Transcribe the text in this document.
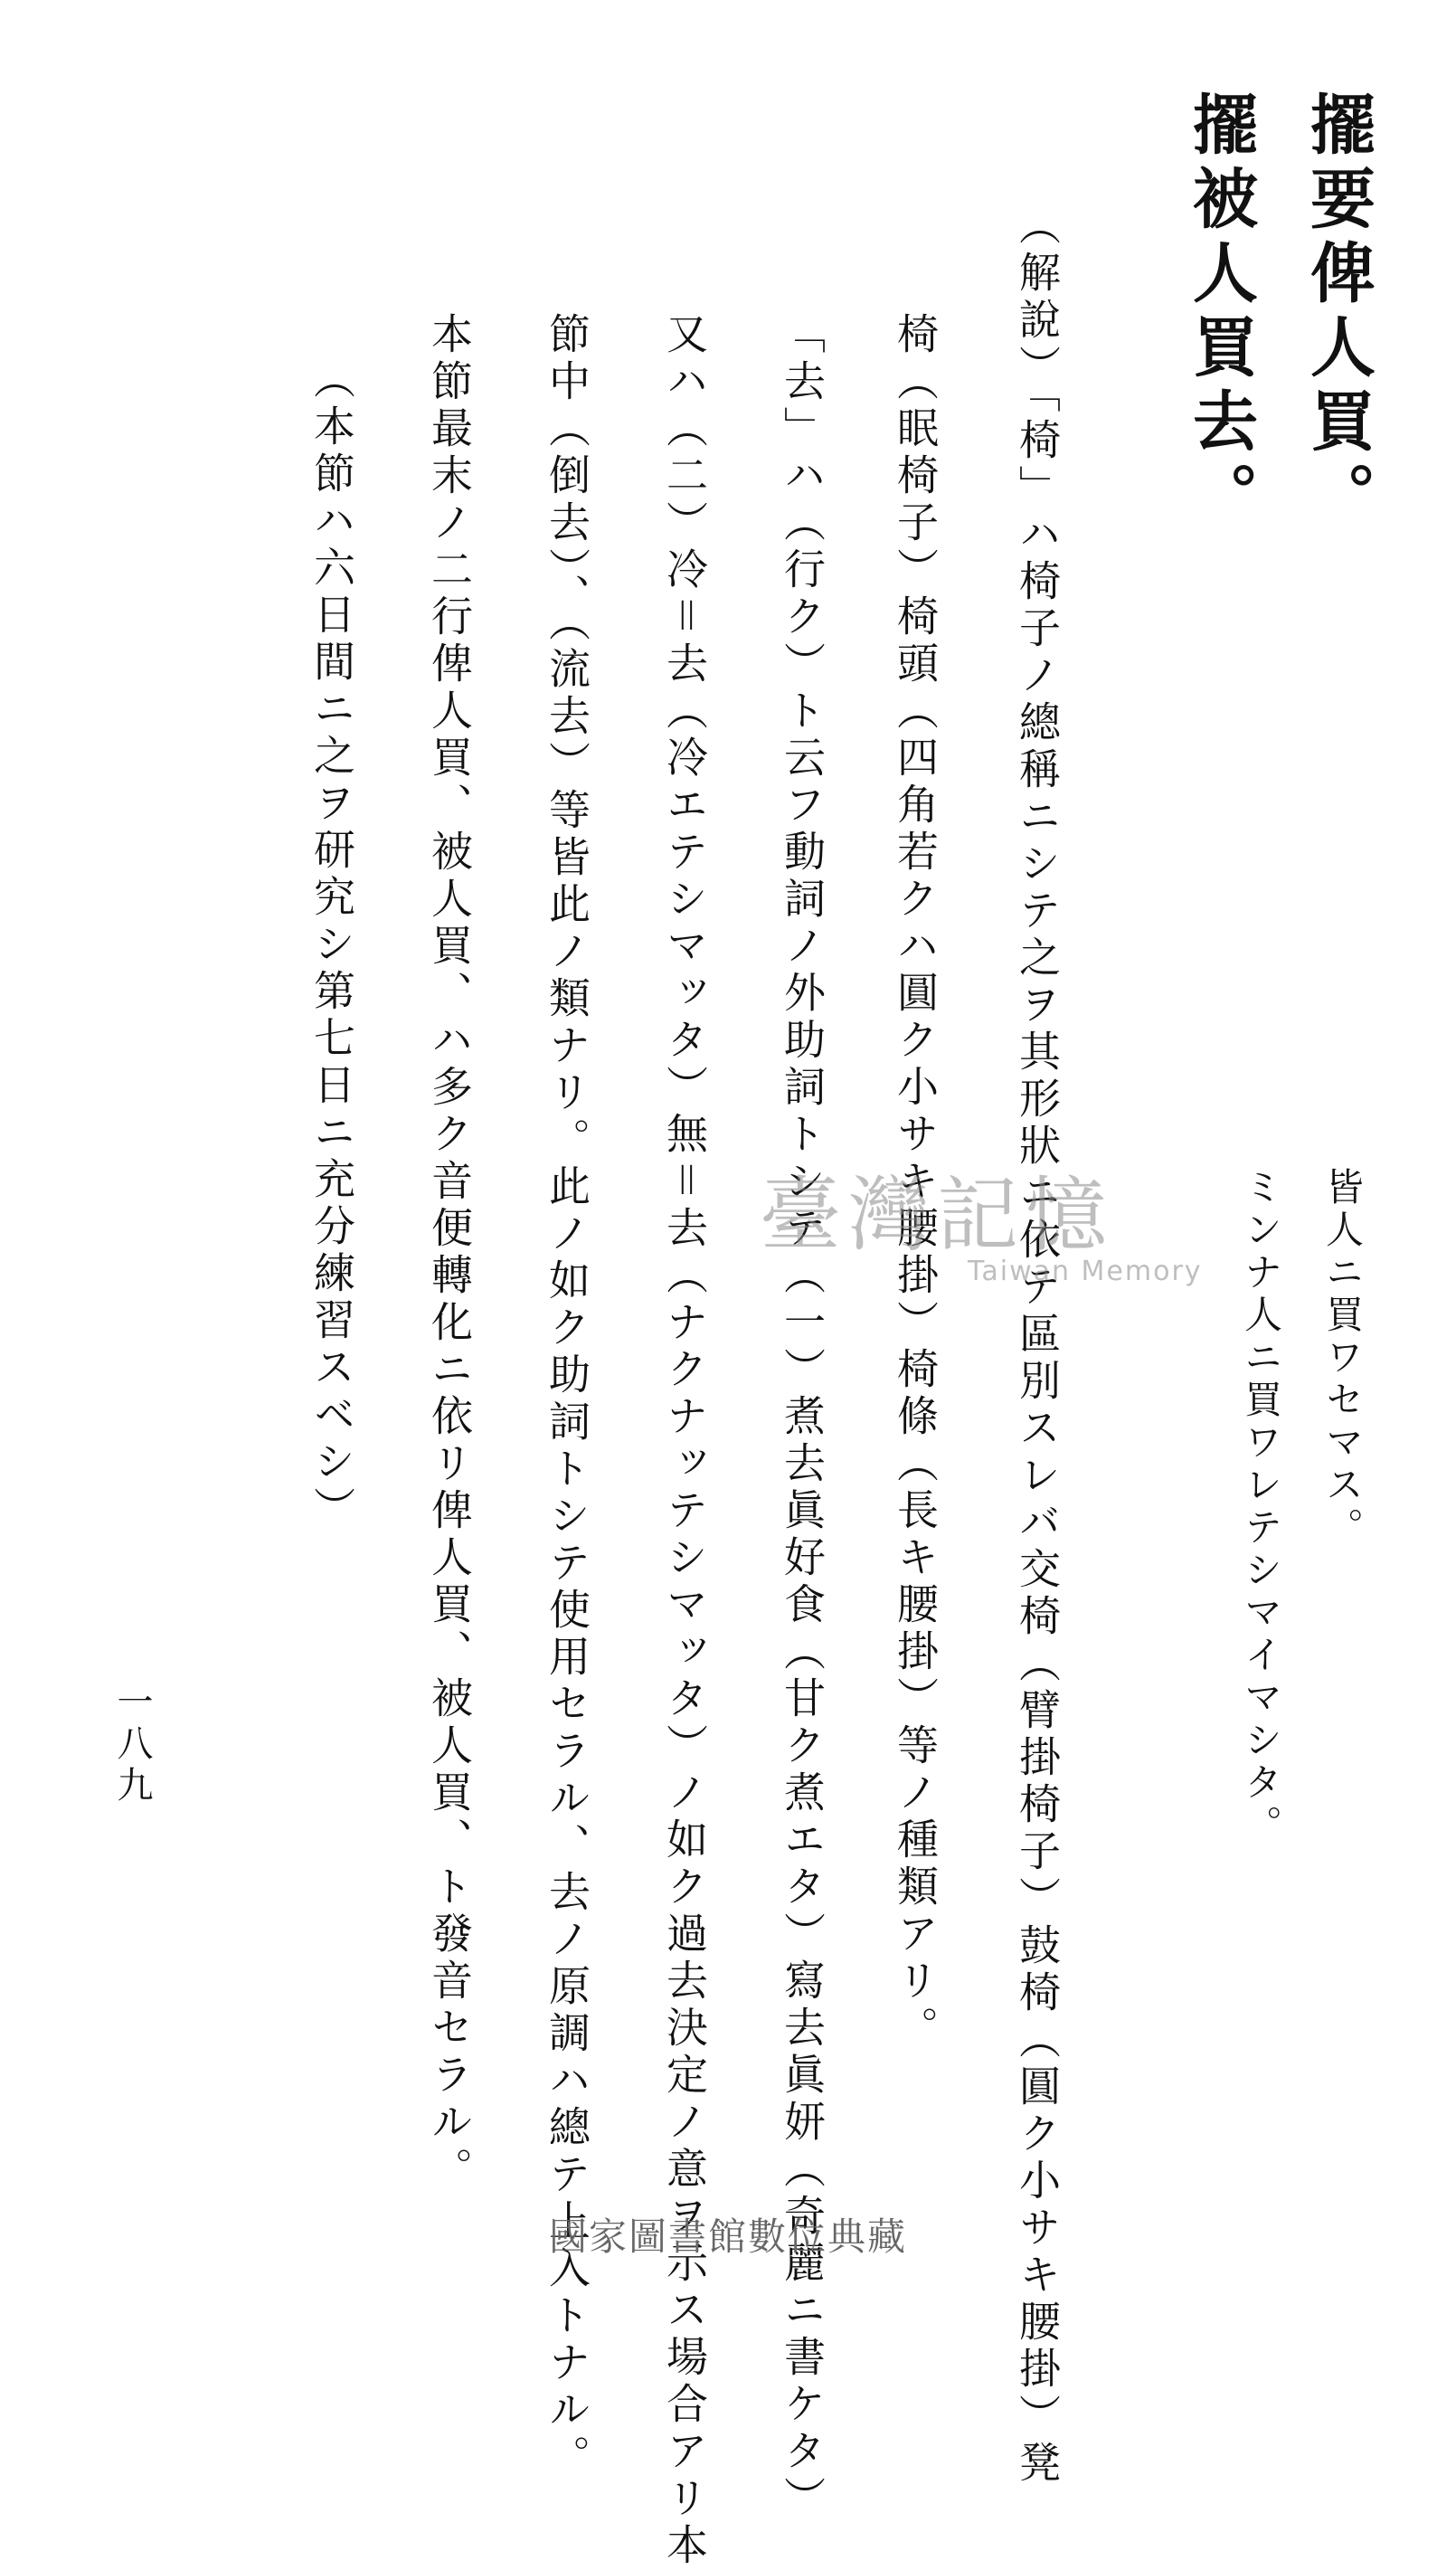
擺要俾人買。
擺被人買去。
皆人ニ買ワセマス。
ミンナ人ニ買ワレテシマイマシタ。
（解說）「椅」ハ椅子ノ總稱ニシテ之ヲ其形狀ニ依テ區別スレバ交椅（臂掛椅子）鼓椅（圓ク小サキ腰掛）凳
椅（眠椅子）椅頭（四角若クハ圓ク小サキ腰掛）椅條（長キ腰掛）等ノ種類アリ。
「去」ハ（行ク）ト云フ動詞ノ外助詞トシテ（一）煮去眞好食（甘ク煮エタ）寫去眞妍（奇麗ニ書ケタ）
又ハ（二）冷＝去（冷エテシマッタ）無＝去（ナクナッテシマッタ）ノ如ク過去決定ノ意ヲ示ス場合アリ本
節中（倒去）、（流去）等皆此ノ類ナリ。此ノ如ク助詞トシテ使用セラル、去ノ原調ハ總テ上入トナル。
本節最末ノ二行俾人買、被人買、ハ多ク音便轉化ニ依リ俾人買、被人買、ト發音セラル。
（本節ハ六日間ニ之ヲ研究シ第七日ニ充分練習スベシ）
一八九
臺灣記憶
Taiwan Memory
國家圖書館數位典藏
